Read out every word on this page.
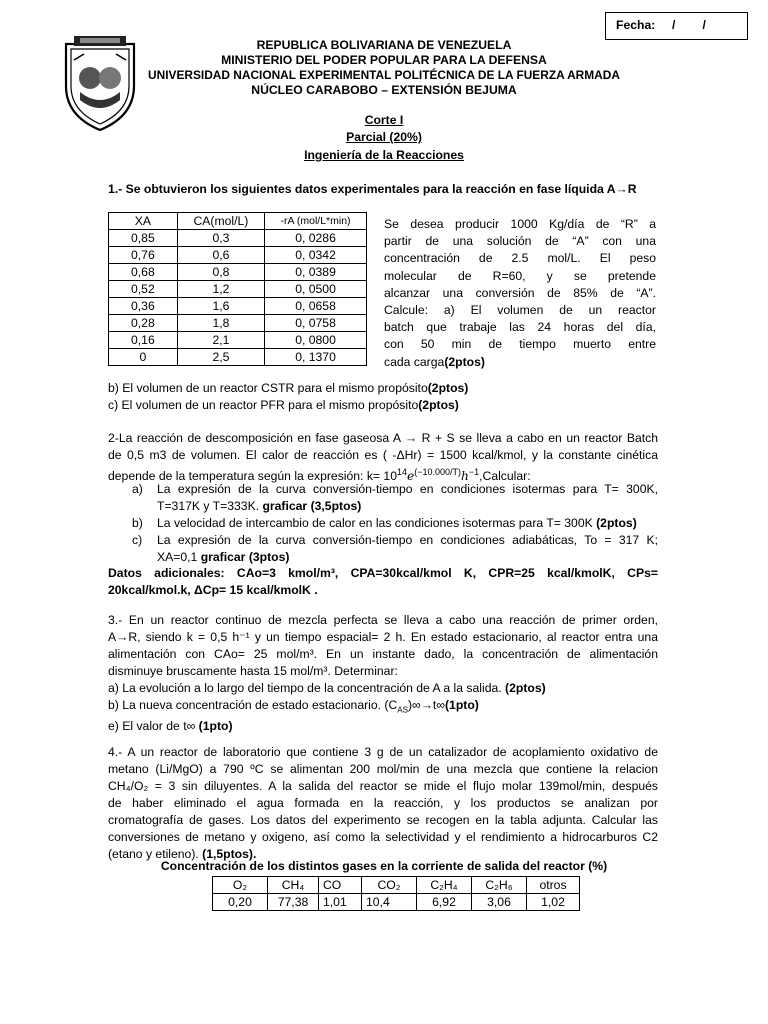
Fecha: /        /
REPUBLICA BOLIVARIANA DE VENEZUELA
MINISTERIO DEL PODER POPULAR PARA LA DEFENSA
UNIVERSIDAD NACIONAL EXPERIMENTAL POLITÉCNICA DE LA FUERZA ARMADA
NÚCLEO CARABOBO – EXTENSIÓN BEJUMA
Corte I
Parcial (20%)
Ingeniería de la Reacciones
1.- Se obtuvieron los siguientes datos experimentales para la reacción en fase líquida A→R
XA	CA(mol/L)	-rA (mol/L*min)
0,85	0,3	0, 0286
0,76	0,6	0, 0342
0,68	0,8	0, 0389
0,52	1,2	0, 0500
0,36	1,6	0, 0658
0,28	1,8	0, 0758
0,16	2,1	0, 0800
0	2,5	0, 1370
Se desea producir 1000 Kg/día de “R” a
partir de una solución de “A” con una
concentración de 2.5 mol/L. El peso
molecular de R=60, y se pretende
alcanzar una conversión de 85% de “A”.
Calcule: a) El volumen de un reactor
batch que trabaje las 24 horas del día,
con 50 min de tiempo muerto entre
cada carga(2ptos)
b) El volumen de un reactor CSTR para el mismo propósito(2ptos)
c) El volumen de un reactor PFR para el mismo propósito(2ptos)
2-La reacción de descomposición en fase gaseosa A → R + S se lleva a cabo en un reactor Batch
de 0,5 m3 de volumen. El calor de reacción es ( -ΔHr) = 1500 kcal/kmol, y la constante cinética
depende de la temperatura según la expresión: $k= 10^{14}e^{(-10.000/T)}h^{-1},Calcular$:
a)	La expresión de la curva conversión-tiempo en condiciones isotermas para T= 300K,
T=317K y T=333K. graficar (3,5ptos)
b)	La velocidad de intercambio de calor en las condiciones isotermas para T= 300K (2ptos)
c)	La expresión de la curva conversión-tiempo en condiciones adiabáticas, To = 317 K;
XA=0,1 graficar (3ptos)
Datos adicionales: CAo=3 kmol/m³, CPA=30kcal/kmol K, CPR=25 kcal/kmolK, CPs=
20kcal/kmol.k, ΔCp= 15 kcal/kmolK .
3.- En un reactor continuo de mezcla perfecta se lleva a cabo una reacción de primer orden,
A→R, siendo k = 0,5 h⁻¹ y un tiempo espacial= 2 h. En estado estacionario, al reactor entra una
alimentación con CAo= 25 mol/m³. En un instante dado, la concentración de alimentación
disminuye bruscamente hasta 15 mol/m³. Determinar:
a) La evolución a lo largo del tiempo de la concentración de A a la salida. (2ptos)
b) La nueva concentración de estado estacionario. $(C_{AS})\infty\to t\infty(1pto)$
e) El valor de t∞ (1pto)
4.- A un reactor de laboratorio que contiene 3 g de un catalizador de acoplamiento oxidativo de
metano (Li/MgO) a 790 ºC se alimentan 200 mol/min de una mezcla que contiene la relacion
CH₄/O₂ = 3 sin diluyentes. A la salida del reactor se mide el flujo molar 139mol/min, después
de haber eliminado el agua formada en la reacción, y los productos se analizan por
cromatografía de gases. Los datos del experimento se recogen en la tabla adjunta. Calcular las
conversiones de metano y oxigeno, así como la selectividad y el rendimiento a hidrocarburos C2
(etano y etileno). (1,5ptos).
Concentración de los distintos gases en la corriente de salida del reactor (%)
O₂	CH₄	CO	CO₂	C₂H₄	C₂H₆	otros
0,20	77,38	1,01	10,4	6,92	3,06	1,02
